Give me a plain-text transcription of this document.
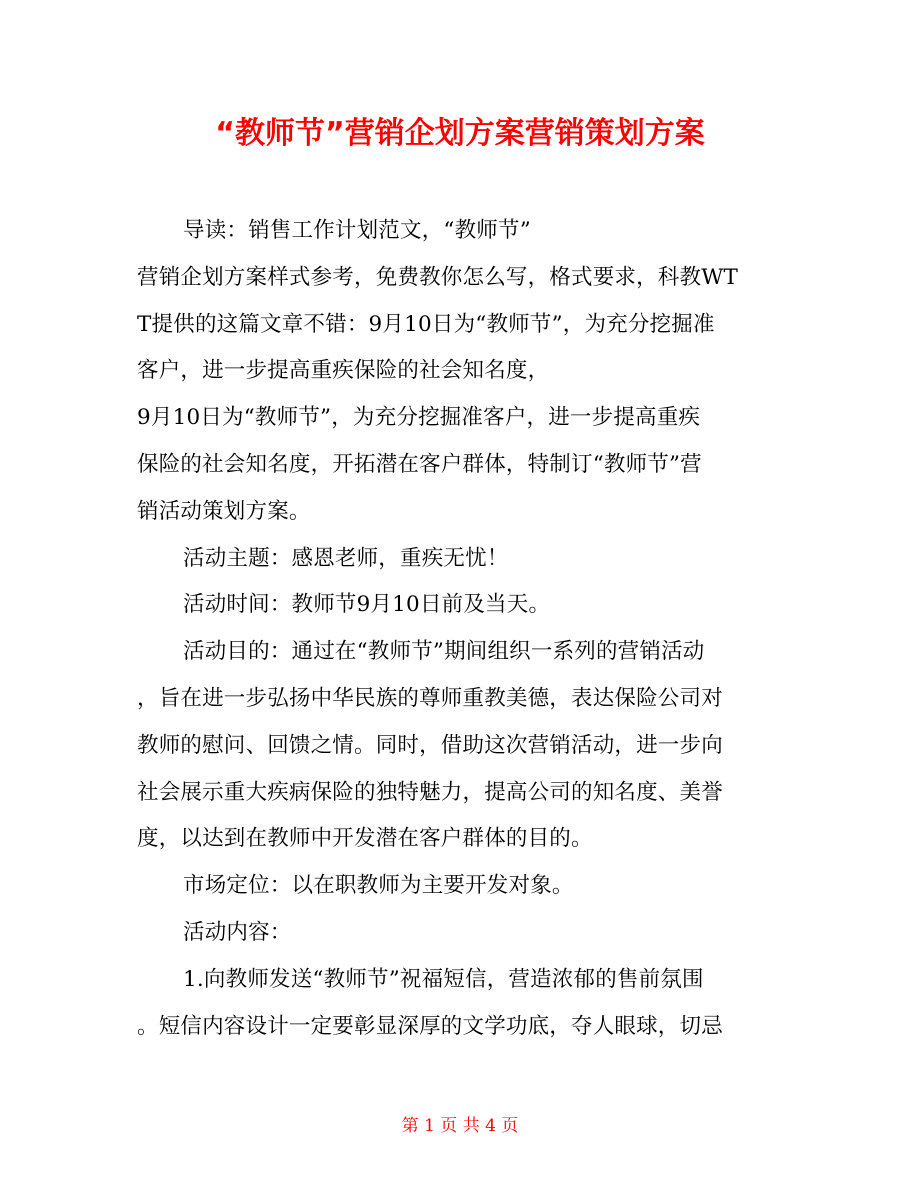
“教师节”营销企划方案营销策划方案
导读：销售工作计划范文，“教师节”
营销企划方案样式参考，免费教你怎么写，格式要求，科教WT
T提供的这篇文章不错：9月10日为“教师节”，为充分挖掘准
客户，进一步提高重疾保险的社会知名度，
9月10日为“教师节”，为充分挖掘准客户，进一步提高重疾
保险的社会知名度，开拓潜在客户群体，特制订“教师节”营
销活动策划方案。
活动主题：感恩老师，重疾无忧！
活动时间：教师节9月10日前及当天。
活动目的：通过在“教师节”期间组织一系列的营销活动
，旨在进一步弘扬中华民族的尊师重教美德，表达保险公司对
教师的慰问、回馈之情。同时，借助这次营销活动，进一步向
社会展示重大疾病保险的独特魅力，提高公司的知名度、美誉
度，以达到在教师中开发潜在客户群体的目的。
市场定位：以在职教师为主要开发对象。
活动内容：
1.向教师发送“教师节”祝福短信，营造浓郁的售前氛围
。短信内容设计一定要彰显深厚的文学功底，夺人眼球，切忌
第 1 页 共 4 页
